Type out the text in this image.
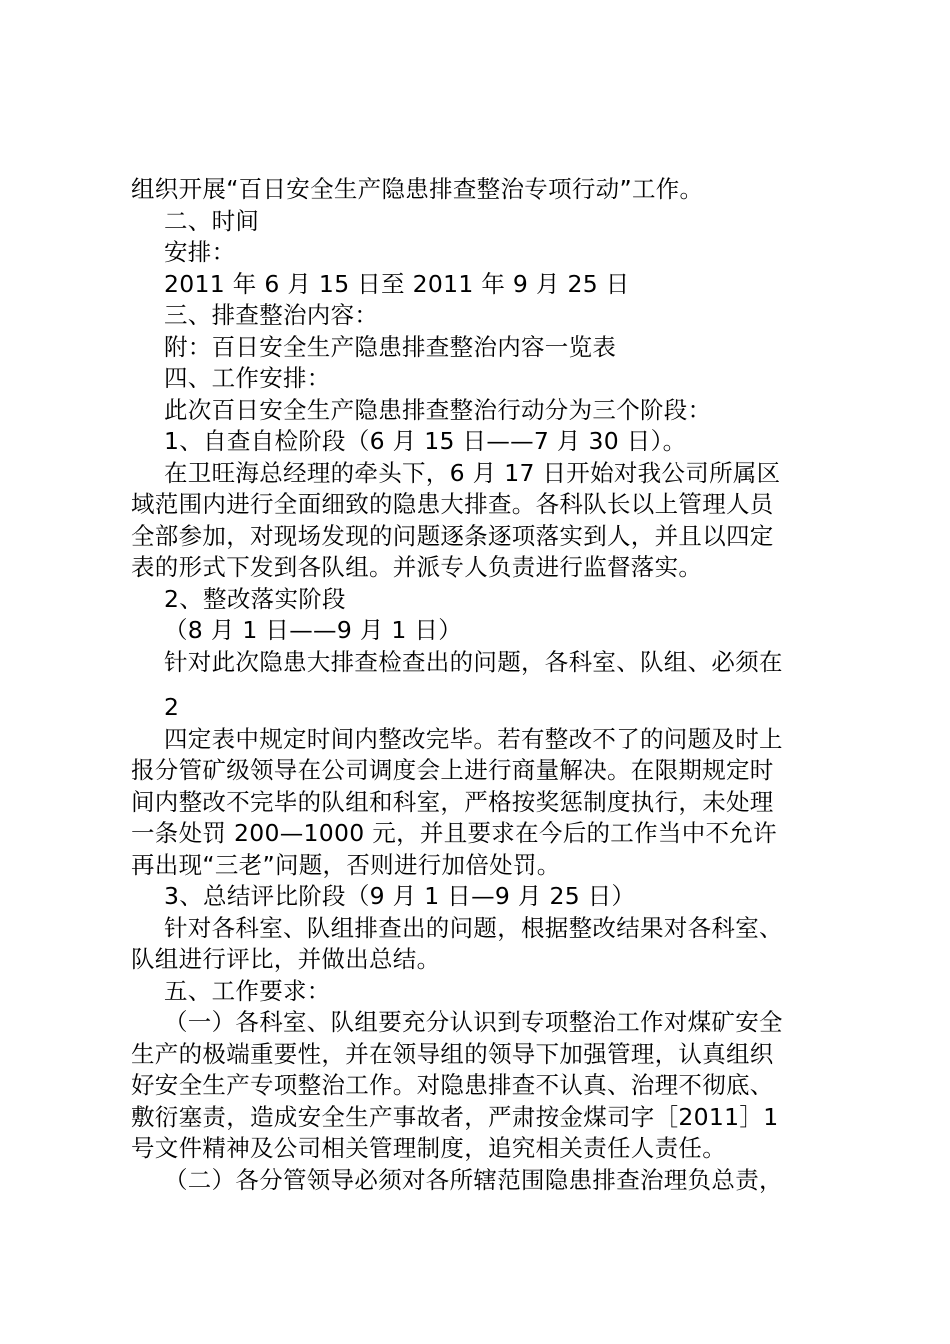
组织开展“百日安全生产隐患排查整治专项行动”工作。
二、时间
安排：
2011 年 6 月 15 日至 2011 年 9 月 25 日
三、排查整治内容：
附：百日安全生产隐患排查整治内容一览表
四、工作安排：
此次百日安全生产隐患排查整治行动分为三个阶段：
1、自查自检阶段（6 月 15 日——7 月 30 日）。
在卫旺海总经理的牵头下，6 月 17 日开始对我公司所属区
域范围内进行全面细致的隐患大排查。各科队长以上管理人员
全部参加，对现场发现的问题逐条逐项落实到人，并且以四定
表的形式下发到各队组。并派专人负责进行监督落实。
2、整改落实阶段
（8 月 1 日——9 月 1 日）
针对此次隐患大排查检查出的问题，各科室、队组、必须在
2
四定表中规定时间内整改完毕。若有整改不了的问题及时上
报分管矿级领导在公司调度会上进行商量解决。在限期规定时
间内整改不完毕的队组和科室，严格按奖惩制度执行，未处理
一条处罚 200—1000 元，并且要求在今后的工作当中不允许
再出现“三老”问题，否则进行加倍处罚。
3、总结评比阶段（9 月 1 日—9 月 25 日）
针对各科室、队组排查出的问题，根据整改结果对各科室、
队组进行评比，并做出总结。
五、工作要求：
（一）各科室、队组要充分认识到专项整治工作对煤矿安全
生产的极端重要性，并在领导组的领导下加强管理，认真组织
好安全生产专项整治工作。对隐患排查不认真、治理不彻底、
敷衍塞责，造成安全生产事故者，严肃按金煤司字［2011］1
号文件精神及公司相关管理制度，追究相关责任人责任。
（二）各分管领导必须对各所辖范围隐患排查治理负总责，
